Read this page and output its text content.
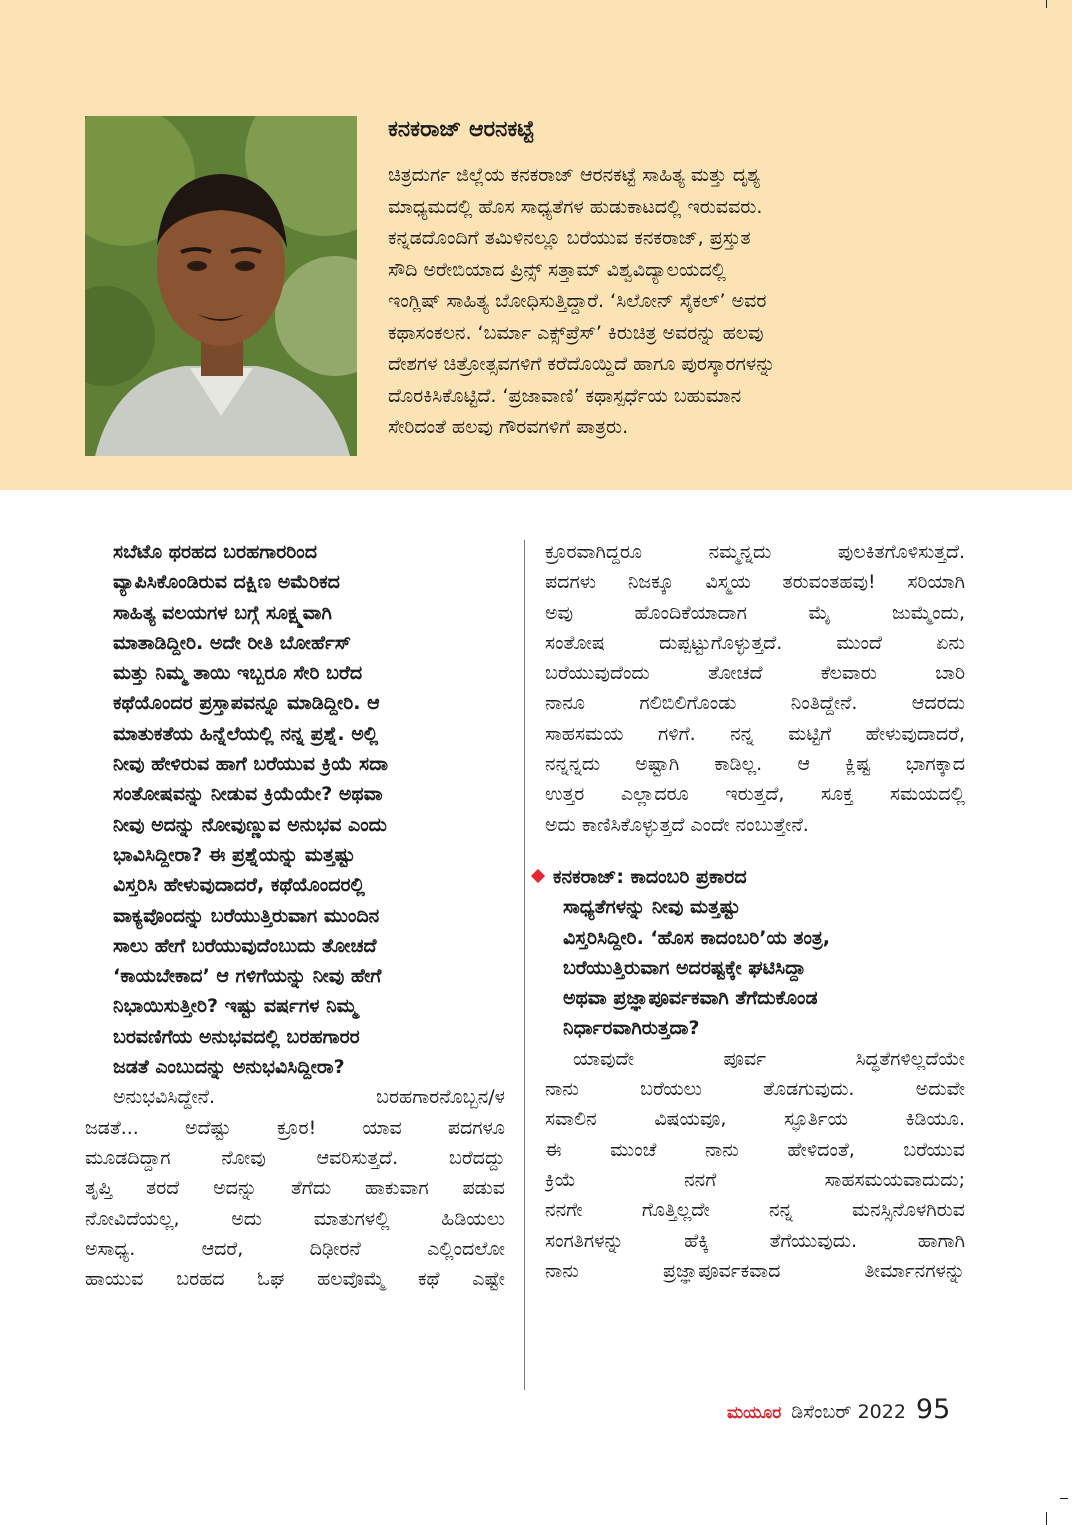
ಕನಕರಾಜ್ ಆರನಕಟ್ಟೆ
ಚಿತ್ರದುರ್ಗ ಜಿಲ್ಲೆಯ ಕನಕರಾಜ್ ಆರನಕಟ್ಟೆ ಸಾಹಿತ್ಯ ಮತ್ತು ದೃಶ್ಯ
ಮಾಧ್ಯಮದಲ್ಲಿ ಹೊಸ ಸಾಧ್ಯತೆಗಳ ಹುಡುಕಾಟದಲ್ಲಿ ಇರುವವರು.
ಕನ್ನಡದೊಂದಿಗೆ ತಮಿಳಿನಲ್ಲೂ ಬರೆಯುವ ಕನಕರಾಜ್, ಪ್ರಸ್ತುತ
ಸೌದಿ ಅರೇಬಿಯಾದ ಪ್ರಿನ್ಸ್ ಸತ್ತಾಮ್ ವಿಶ್ವವಿದ್ಯಾಲಯದಲ್ಲಿ
ಇಂಗ್ಲಿಷ್ ಸಾಹಿತ್ಯ ಬೋಧಿಸುತ್ತಿದ್ದಾರೆ. ‘ಸಿಲೋನ್ ಸೈಕಲ್’ ಅವರ
ಕಥಾಸಂಕಲನ. ‘ಬರ್ಮಾ ಎಕ್ಸ್‌ಪ್ರೆಸ್’ ಕಿರುಚಿತ್ರ ಅವರನ್ನು ಹಲವು
ದೇಶಗಳ ಚಿತ್ರೋತ್ಸವಗಳಿಗೆ ಕರೆದೊಯ್ದಿದೆ ಹಾಗೂ ಪುರಸ್ಕಾರಗಳನ್ನು
ದೊರಕಿಸಿಕೊಟ್ಟಿದೆ. ‘ಪ್ರಜಾವಾಣಿ’ ಕಥಾಸ್ಪರ್ಧೆಯ ಬಹುಮಾನ
ಸೇರಿದಂತೆ ಹಲವು ಗೌರವಗಳಿಗೆ ಪಾತ್ರರು.
ಸಬೆಟೊ ಥರಹದ ಬರಹಗಾರರಿಂದ
ವ್ಯಾಪಿಸಿಕೊಂಡಿರುವ ದಕ್ಷಿಣ ಅಮೆರಿಕದ
ಸಾಹಿತ್ಯ ವಲಯಗಳ ಬಗ್ಗೆ ಸೂಕ್ಷ್ಮವಾಗಿ
ಮಾತಾಡಿದ್ದೀರಿ. ಅದೇ ರೀತಿ ಬೋರ್ಹೆಸ್
ಮತ್ತು ನಿಮ್ಮ ತಾಯಿ ಇಬ್ಬರೂ ಸೇರಿ ಬರೆದ
ಕಥೆಯೊಂದರ ಪ್ರಸ್ತಾಪವನ್ನೂ ಮಾಡಿದ್ದೀರಿ. ಆ
ಮಾತುಕತೆಯ ಹಿನ್ನೆಲೆಯಲ್ಲಿ ನನ್ನ ಪ್ರಶ್ನೆ. ಅಲ್ಲಿ
ನೀವು ಹೇಳಿರುವ ಹಾಗೆ ಬರೆಯುವ ಕ್ರಿಯೆ ಸದಾ
ಸಂತೋಷವನ್ನು ನೀಡುವ ಕ್ರಿಯೆಯೇ? ಅಥವಾ
ನೀವು ಅದನ್ನು ನೋವುಣ್ಣುವ ಅನುಭವ ಎಂದು
ಭಾವಿಸಿದ್ದೀರಾ? ಈ ಪ್ರಶ್ನೆಯನ್ನು ಮತ್ತಷ್ಟು
ವಿಸ್ತರಿಸಿ ಹೇಳುವುದಾದರೆ, ಕಥೆಯೊಂದರಲ್ಲಿ
ವಾಕ್ಯವೊಂದನ್ನು ಬರೆಯುತ್ತಿರುವಾಗ ಮುಂದಿನ
ಸಾಲು ಹೇಗೆ ಬರೆಯುವುದೆಂಬುದು ತೋಚದೆ
‘ಕಾಯಬೇಕಾದ’ ಆ ಗಳಿಗೆಯನ್ನು ನೀವು ಹೇಗೆ
ನಿಭಾಯಿಸುತ್ತೀರಿ? ಇಷ್ಟು ವರ್ಷಗಳ ನಿಮ್ಮ
ಬರವಣಿಗೆಯ ಅನುಭವದಲ್ಲಿ ಬರಹಗಾರರ
ಜಡತೆ ಎಂಬುದನ್ನು ಅನುಭವಿಸಿದ್ದೀರಾ?
ಅನುಭವಿಸಿದ್ದೇನೆ. ಬರಹಗಾರನೊಬ್ಬನ/ಳ
ಜಡತೆ... ಅದೆಷ್ಟು ಕ್ರೂರ! ಯಾವ ಪದಗಳೂ
ಮೂಡದಿದ್ದಾಗ ನೋವು ಆವರಿಸುತ್ತದೆ. ಬರೆದದ್ದು
ತೃಪ್ತಿ ತರದೆ ಅದನ್ನು ತೆಗೆದು ಹಾಕುವಾಗ ಪಡುವ
ನೋವಿದೆಯಲ್ಲ, ಅದು ಮಾತುಗಳಲ್ಲಿ ಹಿಡಿಯಲು
ಅಸಾಧ್ಯ. ಆದರೆ, ದಿಢೀರನೆ ಎಲ್ಲಿಂದಲೋ
ಹಾಯುವ ಬರಹದ ಓಘ ಹಲವೊಮ್ಮೆ ಕಥೆ ಎಷ್ಟೇ
ಕ್ರೂರವಾಗಿದ್ದರೂ ನಮ್ಮನ್ನದು ಪುಲಕಿತಗೊಳಿಸುತ್ತದೆ.
ಪದಗಳು ನಿಜಕ್ಕೂ ವಿಸ್ಮಯ ತರುವಂತಹವು! ಸರಿಯಾಗಿ
ಅವು ಹೊಂದಿಕೆಯಾದಾಗ ಮೈ ಜುಮ್ಮೆಂದು,
ಸಂತೋಷ ದುಪ್ಪಟ್ಟುಗೊಳ್ಳುತ್ತದೆ. ಮುಂದೆ ಏನು
ಬರೆಯುವುದೆಂದು ತೋಚದೆ ಕೆಲವಾರು ಬಾರಿ
ನಾನೂ ಗಲಿಬಿಲಿಗೊಂಡು ನಿಂತಿದ್ದೇನೆ. ಆದರದು
ಸಾಹಸಮಯ ಗಳಿಗೆ. ನನ್ನ ಮಟ್ಟಿಗೆ ಹೇಳುವುದಾದರೆ,
ನನ್ನನ್ನದು ಅಷ್ಟಾಗಿ ಕಾಡಿಲ್ಲ. ಆ ಕ್ಲಿಷ್ಟ ಭಾಗಕ್ಕಾದ
ಉತ್ತರ ಎಲ್ಲಾದರೂ ಇರುತ್ತದೆ, ಸೂಕ್ತ ಸಮಯದಲ್ಲಿ
ಅದು ಕಾಣಿಸಿಕೊಳ್ಳುತ್ತದೆ ಎಂದೇ ನಂಬುತ್ತೇನೆ.
ಕನಕರಾಜ್: ಕಾದಂಬರಿ ಪ್ರಕಾರದ
ಸಾಧ್ಯತೆಗಳನ್ನು ನೀವು ಮತ್ತಷ್ಟು
ವಿಸ್ತರಿಸಿದ್ದೀರಿ. ‘ಹೊಸ ಕಾದಂಬರಿ’ಯ ತಂತ್ರ,
ಬರೆಯುತ್ತಿರುವಾಗ ಅದರಷ್ಟಕ್ಕೇ ಘಟಿಸಿದ್ದಾ
ಅಥವಾ ಪ್ರಜ್ಞಾಪೂರ್ವಕವಾಗಿ ತೆಗೆದುಕೊಂಡ
ನಿರ್ಧಾರವಾಗಿರುತ್ತದಾ?
ಯಾವುದೇ ಪೂರ್ವ ಸಿದ್ಧತೆಗಳಿಲ್ಲದೆಯೇ
ನಾನು ಬರೆಯಲು ತೊಡಗುವುದು. ಅದುವೇ
ಸವಾಲಿನ ವಿಷಯವೂ, ಸ್ಫೂರ್ತಿಯ ಕಿಡಿಯೂ.
ಈ ಮುಂಚೆ ನಾನು ಹೇಳಿದಂತೆ, ಬರೆಯುವ
ಕ್ರಿಯೆ ನನಗೆ ಸಾಹಸಮಯವಾದುದು;
ನನಗೇ ಗೊತ್ತಿಲ್ಲದೇ ನನ್ನ ಮನಸ್ಸಿನೊಳಗಿರುವ
ಸಂಗತಿಗಳನ್ನು ಹೆಕ್ಕಿ ತೆಗೆಯುವುದು. ಹಾಗಾಗಿ
ನಾನು ಪ್ರಜ್ಞಾಪೂರ್ವಕವಾದ ತೀರ್ಮಾನಗಳನ್ನು
ಮಯೂರ ಡಿಸೆಂಬರ್ 2022 95
